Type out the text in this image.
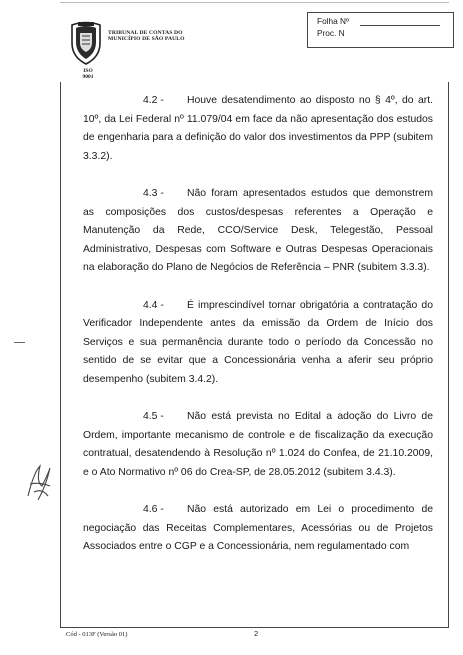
ISO
9001
TRIBUNAL DE CONTAS DO
MUNICÍPIO DE SÃO PAULO
Folha Nº
Proc. N

4.2 - Houve desatendimento ao disposto no § 4º, do art. 10º, da Lei Federal nº 11.079/04 em face da não apresentação dos estudos de engenharia para a definição do valor dos investimentos da PPP (subitem 3.3.2).

4.3 - Não foram apresentados estudos que demonstrem as composições dos custos/despesas referentes a Operação e Manutenção da Rede, CCO/Service Desk, Telegestão, Pessoal Administrativo, Despesas com Software e Outras Despesas Operacionais na elaboração do Plano de Negócios de Referência – PNR (subitem 3.3.3).

4.4 - É imprescindível tornar obrigatória a contratação do Verificador Independente antes da emissão da Ordem de Início dos Serviços e sua permanência durante todo o período da Concessão no sentido de se evitar que a Concessionária venha a aferir seu próprio desempenho (subitem 3.4.2).

4.5 - Não está prevista no Edital a adoção do Livro de Ordem, importante mecanismo de controle e de fiscalização da execução contratual, desatendendo à Resolução nº 1.024 do Confea, de 21.10.2009, e o Ato Normativo nº 06 do Crea-SP, de 28.05.2012 (subitem 3.4.3).

4.6 - Não está autorizado em Lei o procedimento de negociação das Receitas Complementares, Acessórias ou de Projetos Associados entre o CGP e a Concessionária, nem regulamentado com

Cód - 013F (Versão 01)	2
